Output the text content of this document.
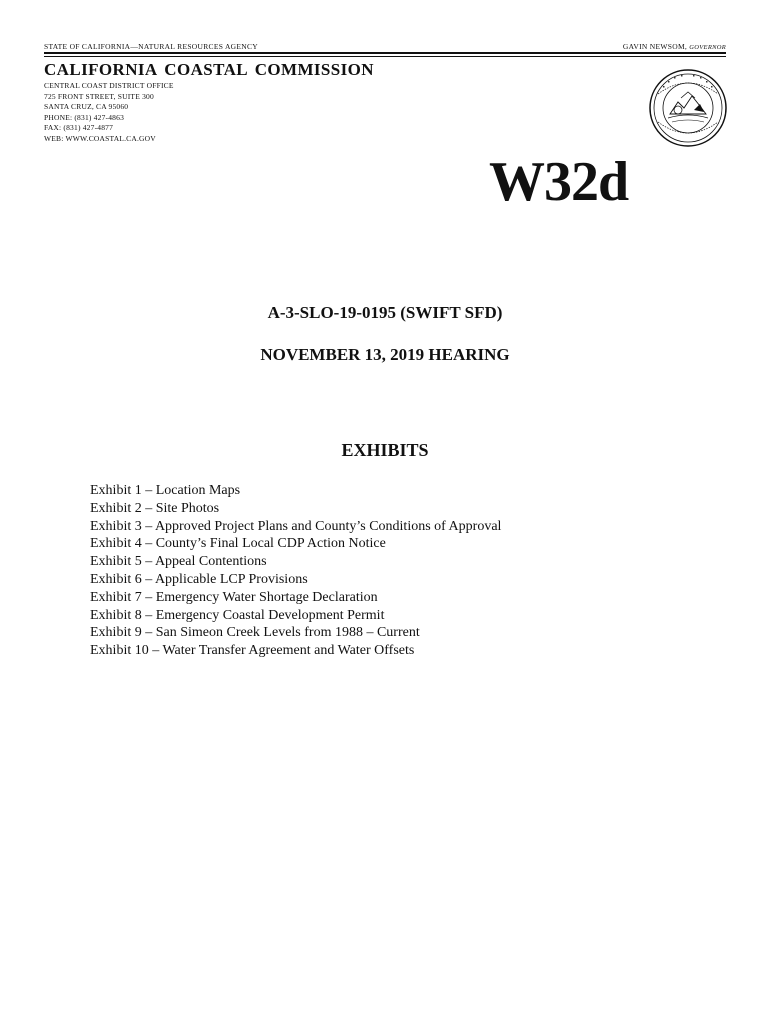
STATE OF CALIFORNIA—NATURAL RESOURCES AGENCY	GAVIN NEWSOM, GOVERNOR
CALIFORNIA COASTAL COMMISSION
CENTRAL COAST DISTRICT OFFICE
725 FRONT STREET, SUITE 300
SANTA CRUZ, CA 95060
PHONE: (831) 427-4863
FAX: (831) 427-4877
WEB: WWW.COASTAL.CA.GOV
W32d
A-3-SLO-19-0195 (SWIFT SFD)
NOVEMBER 13, 2019 HEARING
EXHIBITS
Exhibit 1 – Location Maps
Exhibit 2 – Site Photos
Exhibit 3 – Approved Project Plans and County’s Conditions of Approval
Exhibit 4 – County’s Final Local CDP Action Notice
Exhibit 5 – Appeal Contentions
Exhibit 6 – Applicable LCP Provisions
Exhibit 7 – Emergency Water Shortage Declaration
Exhibit 8 – Emergency Coastal Development Permit
Exhibit 9 – San Simeon Creek Levels from 1988 – Current
Exhibit 10 – Water Transfer Agreement and Water Offsets
